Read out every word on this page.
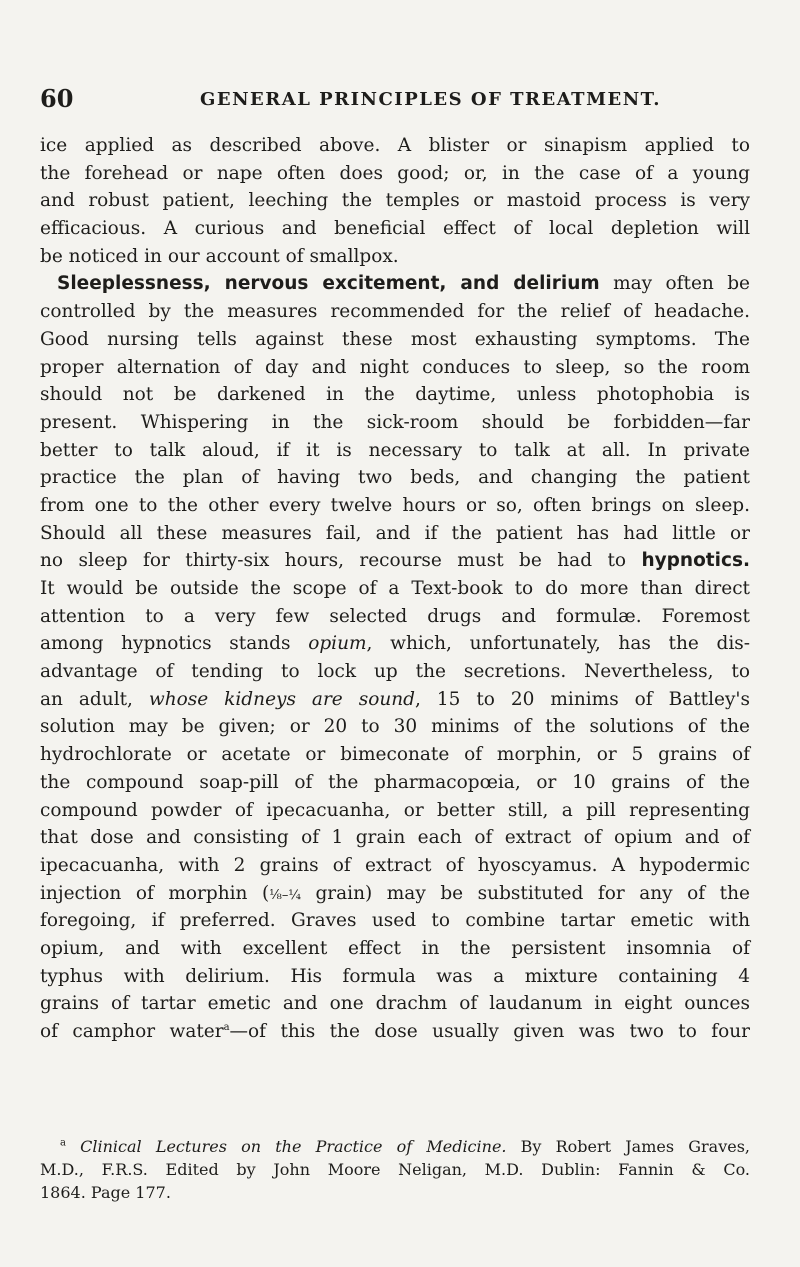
60	GENERAL PRINCIPLES OF TREATMENT.
ice applied as described above. A blister or sinapism applied to
the forehead or nape often does good; or, in the case of a young
and robust patient, leeching the temples or mastoid process is very
efficacious. A curious and beneficial effect of local depletion will
be noticed in our account of smallpox.
Sleeplessness, nervous excitement, and delirium may often be
controlled by the measures recommended for the relief of headache.
Good nursing tells against these most exhausting symptoms. The
proper alternation of day and night conduces to sleep, so the room
should not be darkened in the daytime, unless photophobia is
present. Whispering in the sick-room should be forbidden—far
better to talk aloud, if it is necessary to talk at all. In private
practice the plan of having two beds, and changing the patient
from one to the other every twelve hours or so, often brings on sleep.
Should all these measures fail, and if the patient has had little or
no sleep for thirty-six hours, recourse must be had to hypnotics.
It would be outside the scope of a Text-book to do more than direct
attention to a very few selected drugs and formulæ. Foremost
among hypnotics stands opium, which, unfortunately, has the dis-
advantage of tending to lock up the secretions. Nevertheless, to
an adult, whose kidneys are sound, 15 to 20 minims of Battley's
solution may be given; or 20 to 30 minims of the solutions of the
hydrochlorate or acetate or bimeconate of morphin, or 5 grains of
the compound soap-pill of the pharmacopœia, or 10 grains of the
compound powder of ipecacuanha, or better still, a pill representing
that dose and consisting of 1 grain each of extract of opium and of
ipecacuanha, with 2 grains of extract of hyoscyamus. A hypodermic
injection of morphin (⅛–¼ grain) may be substituted for any of the
foregoing, if preferred. Graves used to combine tartar emetic with
opium, and with excellent effect in the persistent insomnia of
typhus with delirium. His formula was a mixture containing 4
grains of tartar emetic and one drachm of laudanum in eight ounces
of camphor water$^a$—of this the dose usually given was two to four
$^a$ Clinical Lectures on the Practice of Medicine. By Robert James Graves,
M.D., F.R.S. Edited by John Moore Neligan, M.D. Dublin: Fannin & Co.
1864. Page 177.
